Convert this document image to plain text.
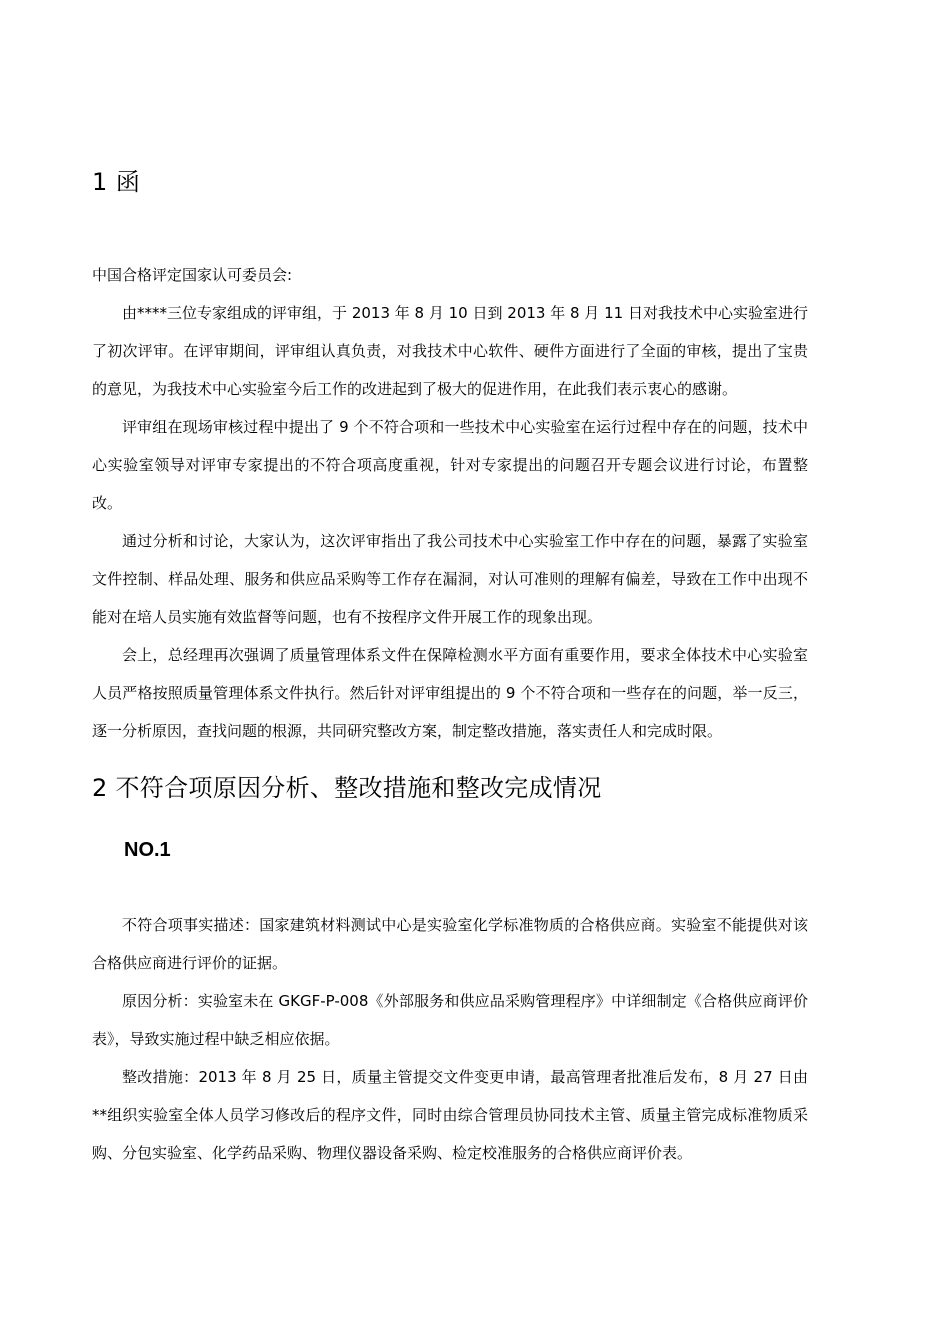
1 函

中国合格评定国家认可委员会:

由****三位专家组成的评审组，于 2013 年 8 月 10 日到 2013 年 8 月 11 日对我技术中心实验室进行了初次评审。在评审期间，评审组认真负责，对我技术中心软件、硬件方面进行了全面的审核，提出了宝贵的意见，为我技术中心实验室今后工作的改进起到了极大的促进作用，在此我们表示衷心的感谢。

评审组在现场审核过程中提出了 9 个不符合项和一些技术中心实验室在运行过程中存在的问题，技术中心实验室领导对评审专家提出的不符合项高度重视，针对专家提出的问题召开专题会议进行讨论，布置整改。

通过分析和讨论，大家认为，这次评审指出了我公司技术中心实验室工作中存在的问题，暴露了实验室文件控制、样品处理、服务和供应品采购等工作存在漏洞，对认可准则的理解有偏差，导致在工作中出现不能对在培人员实施有效监督等问题，也有不按程序文件开展工作的现象出现。

会上，总经理再次强调了质量管理体系文件在保障检测水平方面有重要作用，要求全体技术中心实验室人员严格按照质量管理体系文件执行。然后针对评审组提出的 9 个不符合项和一些存在的问题，举一反三，逐一分析原因，查找问题的根源，共同研究整改方案，制定整改措施，落实责任人和完成时限。

2 不符合项原因分析、整改措施和整改完成情况
NO.1

不符合项事实描述：国家建筑材料测试中心是实验室化学标准物质的合格供应商。实验室不能提供对该合格供应商进行评价的证据。

原因分析：实验室未在 GKGF-P-008《外部服务和供应品采购管理程序》中详细制定《合格供应商评价表》，导致实施过程中缺乏相应依据。

整改措施：2013 年 8 月 25 日，质量主管提交文件变更申请，最高管理者批准后发布，8 月 27 日由**组织实验室全体人员学习修改后的程序文件，同时由综合管理员协同技术主管、质量主管完成标准物质采购、分包实验室、化学药品采购、物理仪器设备采购、检定校准服务的合格供应商评价表。
